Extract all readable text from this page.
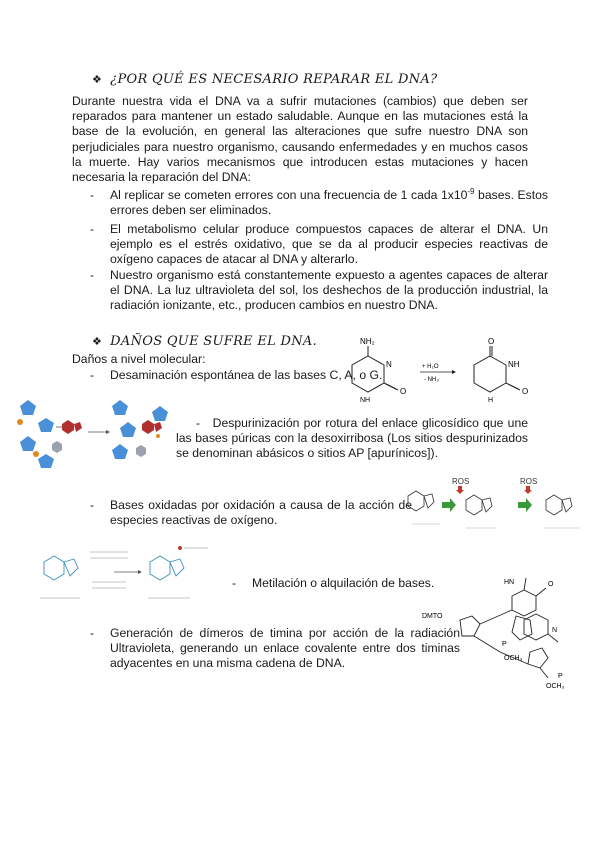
❖ ¿POR QUÉ ES NECESARIO REPARAR EL DNA?
Durante nuestra vida el DNA va a sufrir mutaciones (cambios) que deben ser reparados para mantener un estado saludable. Aunque en las mutaciones está la base de la evolución, en general las alteraciones que sufre nuestro DNA son perjudiciales para nuestro organismo, causando enfermedades y en muchos casos la muerte. Hay varios mecanismos que introducen estas mutaciones y hacen necesaria la reparación del DNA:
- Al replicar se cometen errores con una frecuencia de 1 cada $1x10^{-9}$ bases. Estos errores deben ser eliminados.
- El metabolismo celular produce compuestos capaces de alterar el DNA. Un ejemplo es el estrés oxidativo, que se da al producir especies reactivas de oxígeno capaces de atacar al DNA y alterarlo.
- Nuestro organismo está constantemente expuesto a agentes capaces de alterar el DNA. La luz ultravioleta del sol, los deshechos de la producción industrial, la radiación ionizante, etc., producen cambios en nuestro DNA.
❖ DAÑOS QUE SUFRE EL DNA.
Daños a nivel molecular:
- Desaminación espontánea de las bases C, A, o G.
NH₂
N
O
NH
+ H₂O
- NH₃
O
NH
O
H
-   Despurinización por rotura del enlace glicosídico que une las bases púricas con la desoxirribosa (Los sitios despurinizados se denominan abásicos o sitios AP [apurínicos]).
ROS	ROS
- Bases oxidadas por oxidación a causa de la acción de especies reactivas de oxígeno.
- Metilación o alquilación de bases.	HN	O
DMTO
N
P
OCH₃
P
OCH₃
- Generación de dímeros de timina por acción de la radiación Ultravioleta, generando un enlace covalente entre dos timinas adyacentes en una misma cadena de DNA.
